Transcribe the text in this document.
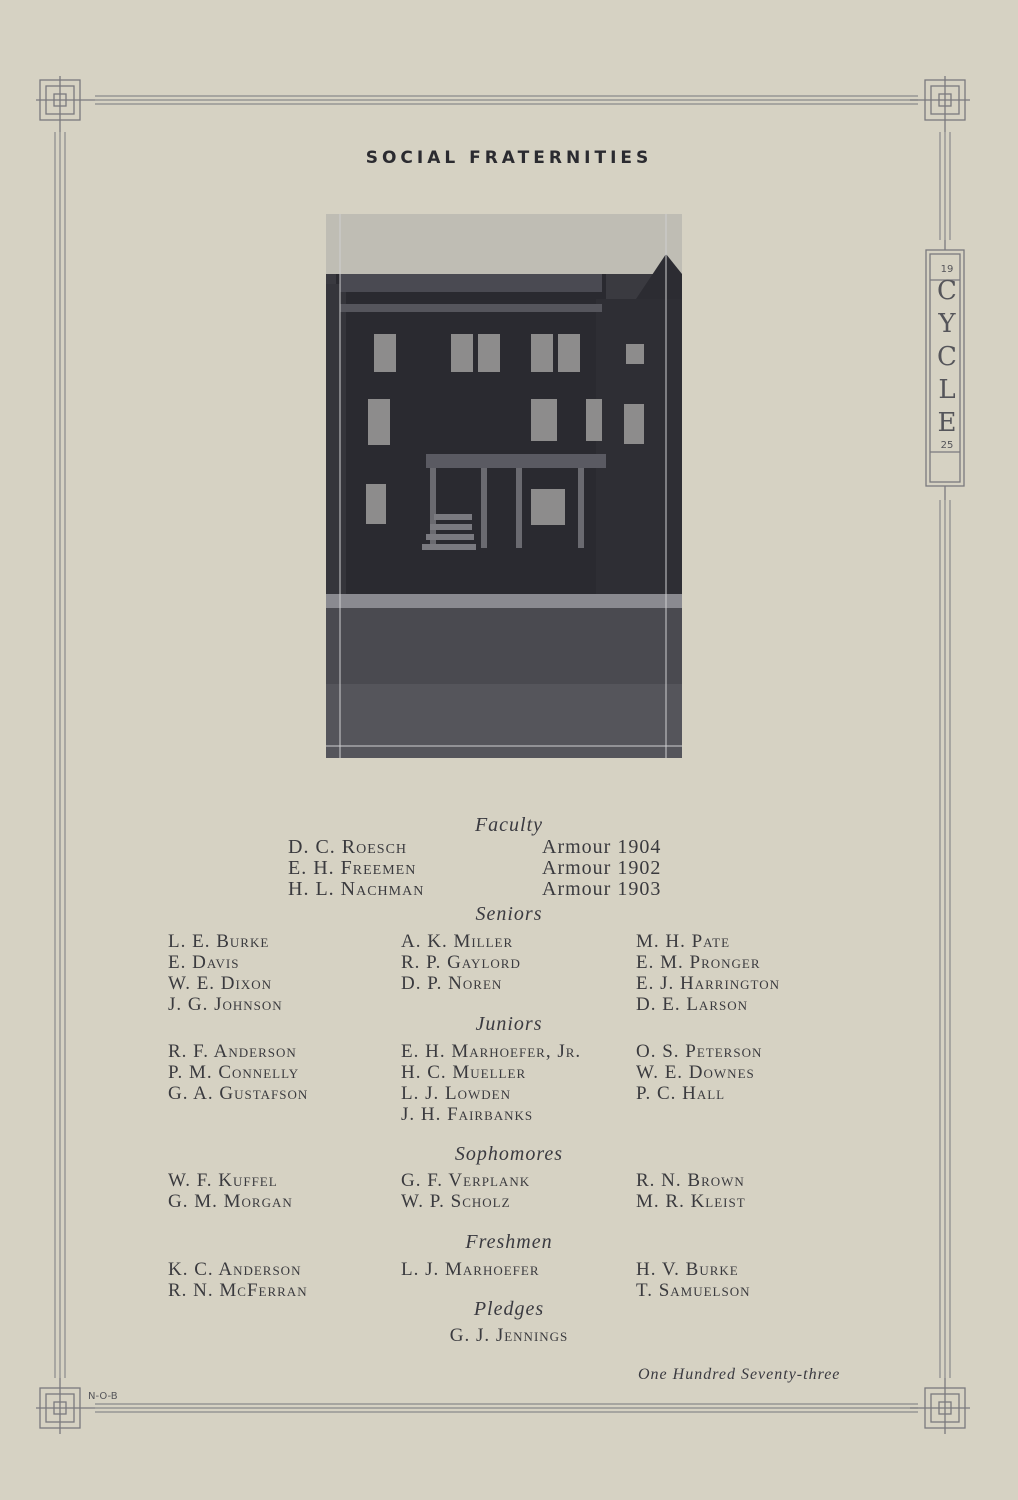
SOCIAL FRATERNITIES
19
C
Y
C
L
E
25
Faculty
D. C. Roesch
E. H. Freemen
H. L. Nachman
Armour 1904
Armour 1902
Armour 1903
Seniors
L. E. Burke
E. Davis
W. E. Dixon
J. G. Johnson
A. K. Miller
R. P. Gaylord
D. P. Noren
M. H. Pate
E. M. Pronger
E. J. Harrington
D. E. Larson
Juniors
R. F. Anderson
P. M. Connelly
G. A. Gustafson
E. H. Marhoefer, Jr.
H. C. Mueller
L. J. Lowden
J. H. Fairbanks
O. S. Peterson
W. E. Downes
P. C. Hall
Sophomores
W. F. Kuffel
G. M. Morgan
G. F. Verplank
W. P. Scholz
R. N. Brown
M. R. Kleist
Freshmen
K. C. Anderson
R. N. McFerran
L. J. Marhoefer	H. V. Burke
T. Samuelson
Pledges
G. J. Jennings
One Hundred Seventy-three
N-O-B
